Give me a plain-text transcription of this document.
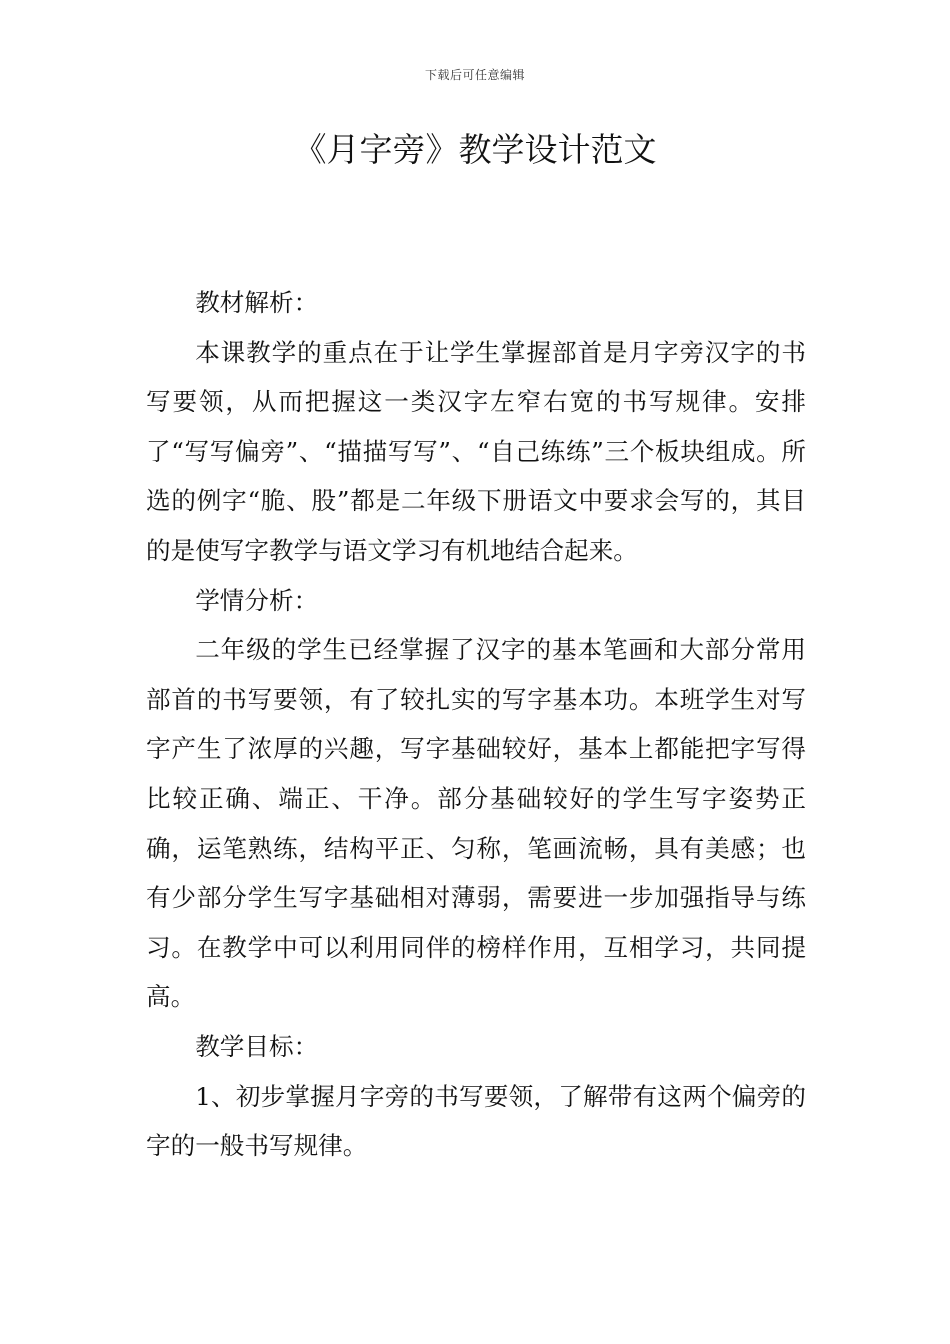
下载后可任意编辑
《月字旁》教学设计范文

教材解析：

本课教学的重点在于让学生掌握部首是月字旁汉字的书写要领，从而把握这一类汉字左窄右宽的书写规律。安排了“写写偏旁”、“描描写写”、“自己练练”三个板块组成。所选的例字“脆、股”都是二年级下册语文中要求会写的，其目的是使写字教学与语文学习有机地结合起来。

学情分析：

二年级的学生已经掌握了汉字的基本笔画和大部分常用部首的书写要领，有了较扎实的写字基本功。本班学生对写字产生了浓厚的兴趣，写字基础较好，基本上都能把字写得比较正确、端正、干净。部分基础较好的学生写字姿势正确，运笔熟练，结构平正、匀称，笔画流畅，具有美感；也有少部分学生写字基础相对薄弱，需要进一步加强指导与练习。在教学中可以利用同伴的榜样作用，互相学习，共同提高。

教学目标：

1、初步掌握月字旁的书写要领，了解带有这两个偏旁的字的一般书写规律。
